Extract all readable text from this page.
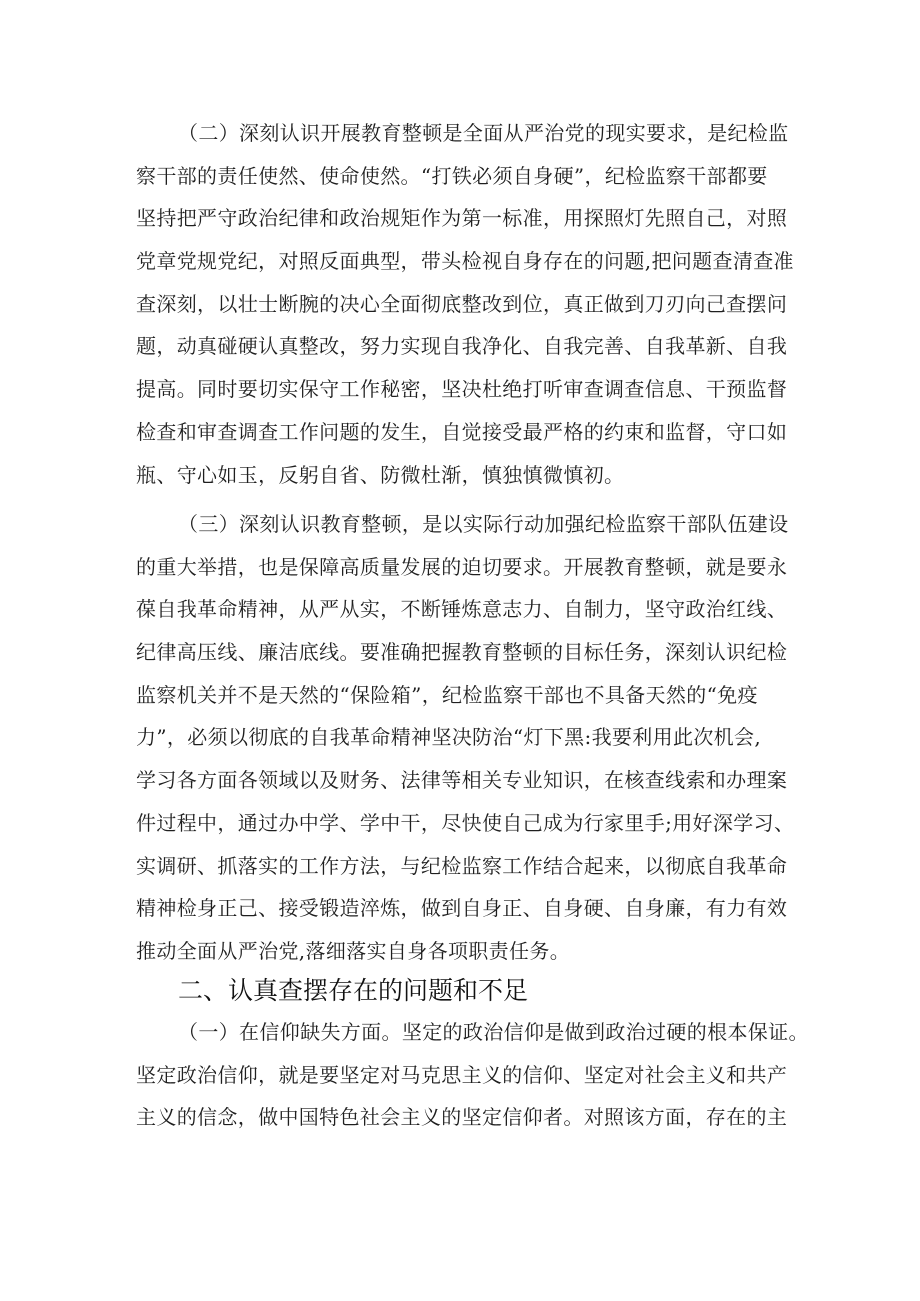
（二）深刻认识开展教育整顿是全面从严治党的现实要求，是纪检监
察干部的责任使然、使命使然。“打铁必须自身硬”，纪检监察干部都要
坚持把严守政治纪律和政治规矩作为第一标准，用探照灯先照自己，对照
党章党规党纪，对照反面典型，带头检视自身存在的问题,把问题查清查准
查深刻，以壮士断腕的决心全面彻底整改到位，真正做到刀刃向己查摆问
题，动真碰硬认真整改，努力实现自我净化、自我完善、自我革新、自我
提高。同时要切实保守工作秘密，坚决杜绝打听审查调查信息、干预监督
检查和审查调查工作问题的发生，自觉接受最严格的约束和监督，守口如
瓶、守心如玉，反躬自省、防微杜渐，慎独慎微慎初。
（三）深刻认识教育整顿，是以实际行动加强纪检监察干部队伍建设
的重大举措，也是保障高质量发展的迫切要求。开展教育整顿，就是要永
葆自我革命精神，从严从实，不断锤炼意志力、自制力，坚守政治红线、
纪律高压线、廉洁底线。要准确把握教育整顿的目标任务，深刻认识纪检
监察机关并不是天然的“保险箱”，纪检监察干部也不具备天然的“免疫
力”，必须以彻底的自我革命精神坚决防治“灯下黑:我要利用此次机会,
学习各方面各领域以及财务、法律等相关专业知识，在核查线索和办理案
件过程中，通过办中学、学中干，尽快使自己成为行家里手;用好深学习、
实调研、抓落实的工作方法，与纪检监察工作结合起来，以彻底自我革命
精神检身正己、接受锻造淬炼，做到自身正、自身硬、自身廉，有力有效
推动全面从严治党,落细落实自身各项职责任务。
二、认真查摆存在的问题和不足
（一）在信仰缺失方面。坚定的政治信仰是做到政治过硬的根本保证。
坚定政治信仰，就是要坚定对马克思主义的信仰、坚定对社会主义和共产
主义的信念，做中国特色社会主义的坚定信仰者。对照该方面，存在的主
